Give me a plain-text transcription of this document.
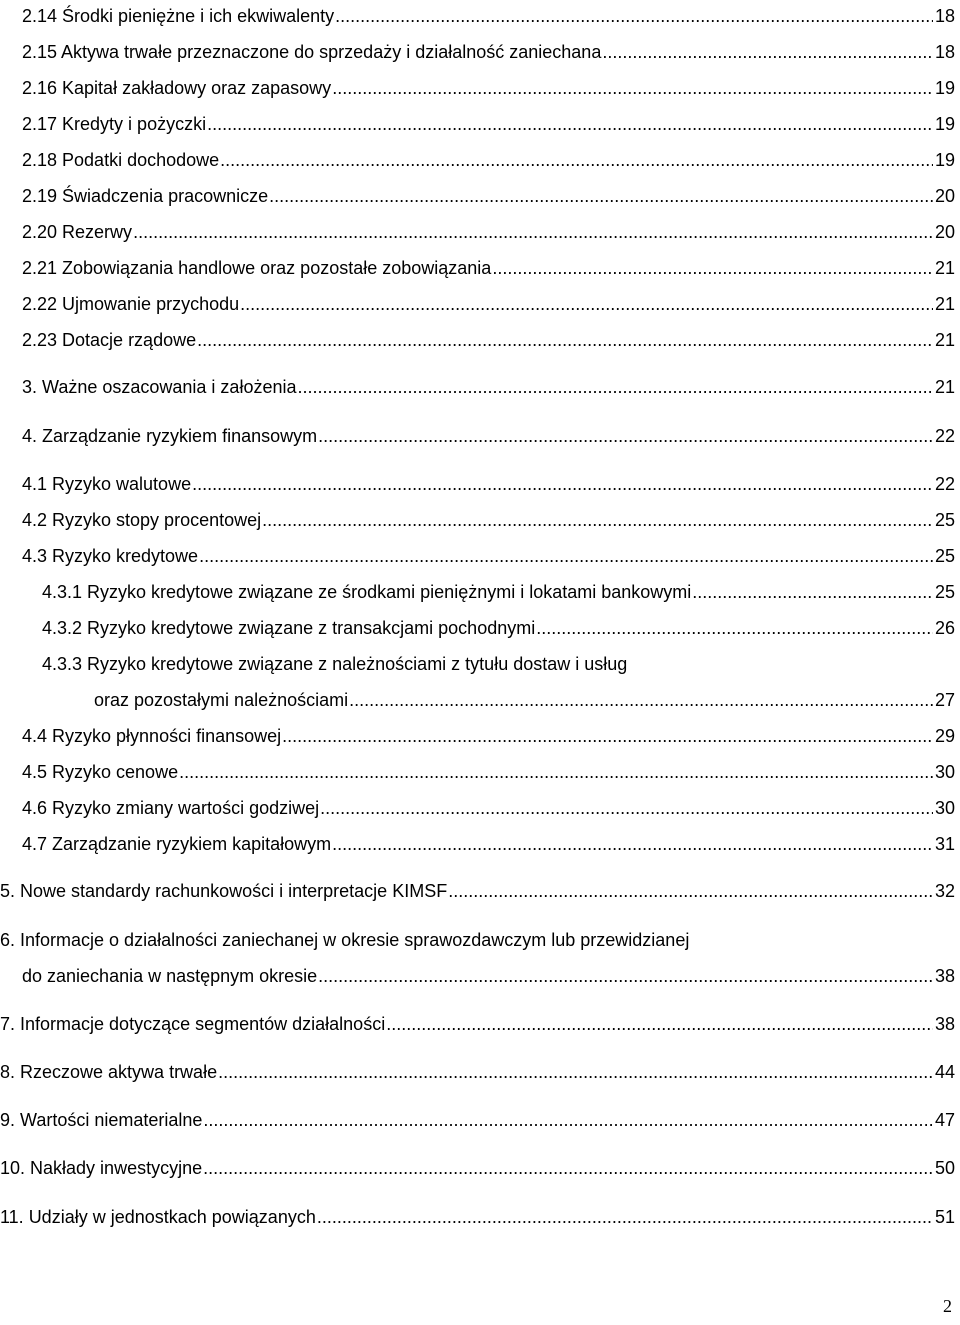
2.14 Środki pieniężne i ich ekwiwalenty .....	18
2.15 Aktywa trwałe przeznaczone do sprzedaży i działalność zaniechana .....	18
2.16 Kapitał zakładowy oraz zapasowy .....	19
2.17 Kredyty i pożyczki .....	19
2.18 Podatki dochodowe .....	19
2.19 Świadczenia pracownicze .....	20
2.20 Rezerwy .....	20
2.21 Zobowiązania handlowe oraz pozostałe zobowiązania .....	21
2.22 Ujmowanie przychodu .....	21
2.23 Dotacje rządowe .....	21
3. Ważne oszacowania i założenia .....	21
4. Zarządzanie ryzykiem finansowym .....	22
4.1 Ryzyko walutowe .....	22
4.2 Ryzyko stopy procentowej .....	25
4.3 Ryzyko kredytowe .....	25
4.3.1 Ryzyko kredytowe związane ze środkami pieniężnymi i lokatami bankowymi .....	25
4.3.2 Ryzyko kredytowe związane z transakcjami pochodnymi .....	26
4.3.3 Ryzyko kredytowe związane z należnościami z tytułu dostaw i usług
oraz pozostałymi należnościami .....	27
4.4 Ryzyko płynności finansowej .....	29
4.5 Ryzyko cenowe .....	30
4.6 Ryzyko zmiany wartości godziwej .....	30
4.7 Zarządzanie ryzykiem kapitałowym .....	31
5. Nowe standardy rachunkowości i interpretacje KIMSF .....	32
6. Informacje o działalności zaniechanej w okresie sprawozdawczym lub przewidzianej
do zaniechania w następnym okresie .....	38
7. Informacje dotyczące segmentów działalności .....	38
8. Rzeczowe aktywa trwałe .....	44
9. Wartości niematerialne .....	47
10. Nakłady inwestycyjne .....	50
11. Udziały w jednostkach powiązanych .....	51
2
